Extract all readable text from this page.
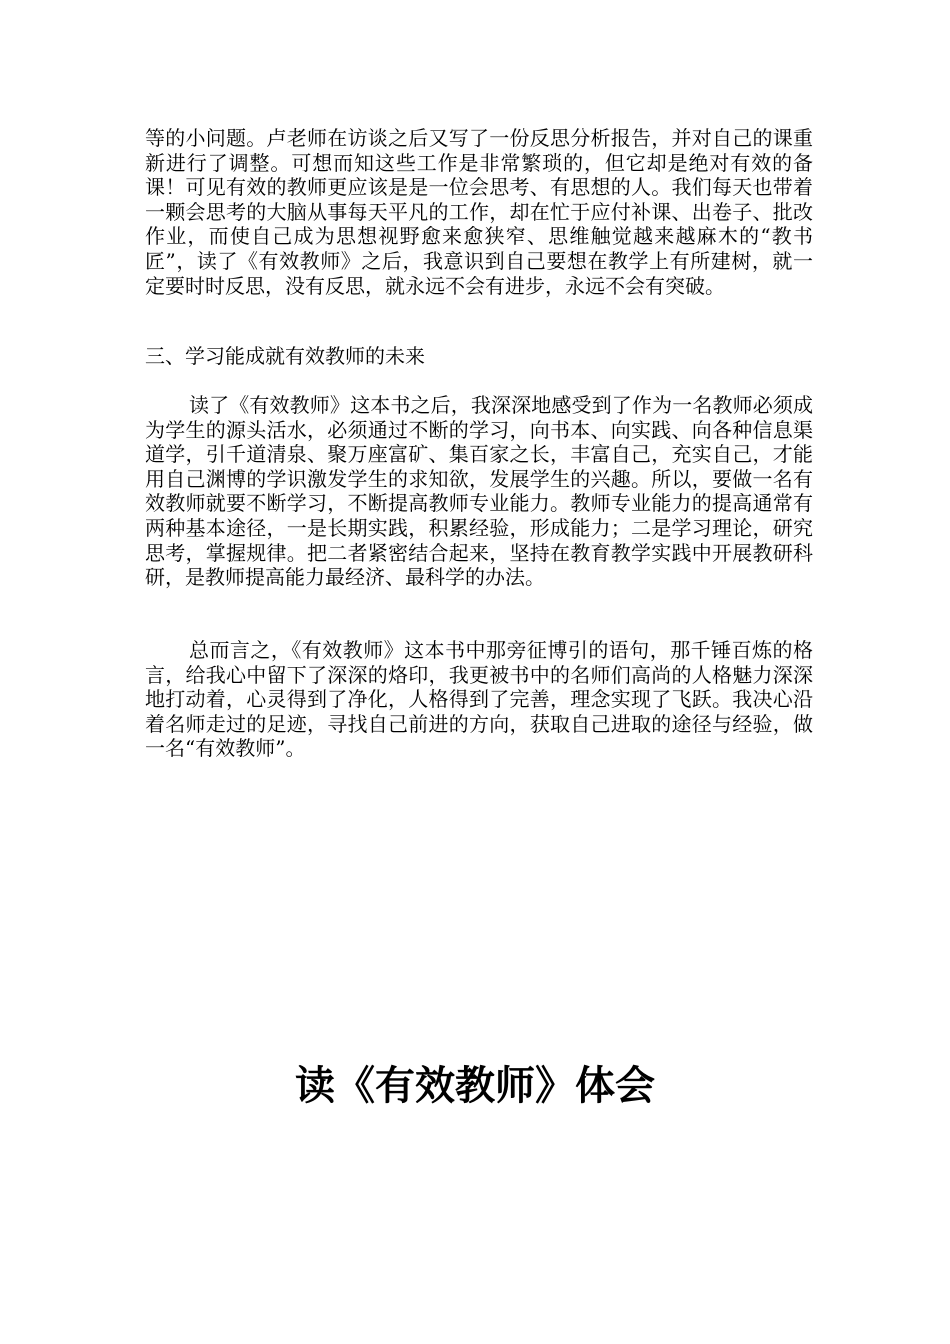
等的小问题。卢老师在访谈之后又写了一份反思分析报告，并对自己的课重新进行了调整。可想而知这些工作是非常繁琐的，但它却是绝对有效的备课！可见有效的教师更应该是是一位会思考、有思想的人。我们每天也带着一颗会思考的大脑从事每天平凡的工作，却在忙于应付补课、出卷子、批改作业，而使自己成为思想视野愈来愈狭窄、思维触觉越来越麻木的“教书匠”，读了《有效教师》之后，我意识到自己要想在教学上有所建树，就一定要时时反思，没有反思，就永远不会有进步，永远不会有突破。

三、学习能成就有效教师的未来

读了《有效教师》这本书之后，我深深地感受到了作为一名教师必须成为学生的源头活水，必须通过不断的学习，向书本、向实践、向各种信息渠道学，引千道清泉、聚万座富矿、集百家之长，丰富自己，充实自己，才能用自己渊博的学识激发学生的求知欲，发展学生的兴趣。所以，要做一名有效教师就要不断学习，不断提高教师专业能力。教师专业能力的提高通常有两种基本途径，一是长期实践，积累经验，形成能力；二是学习理论，研究思考，掌握规律。把二者紧密结合起来，坚持在教育教学实践中开展教研科研，是教师提高能力最经济、最科学的办法。

总而言之，《有效教师》这本书中那旁征博引的语句，那千锤百炼的格言，给我心中留下了深深的烙印，我更被书中的名师们高尚的人格魅力深深地打动着，心灵得到了净化，人格得到了完善，理念实现了飞跃。我决心沿着名师走过的足迹，寻找自己前进的方向，获取自己进取的途径与经验，做一名“有效教师”。

读《有效教师》体会
